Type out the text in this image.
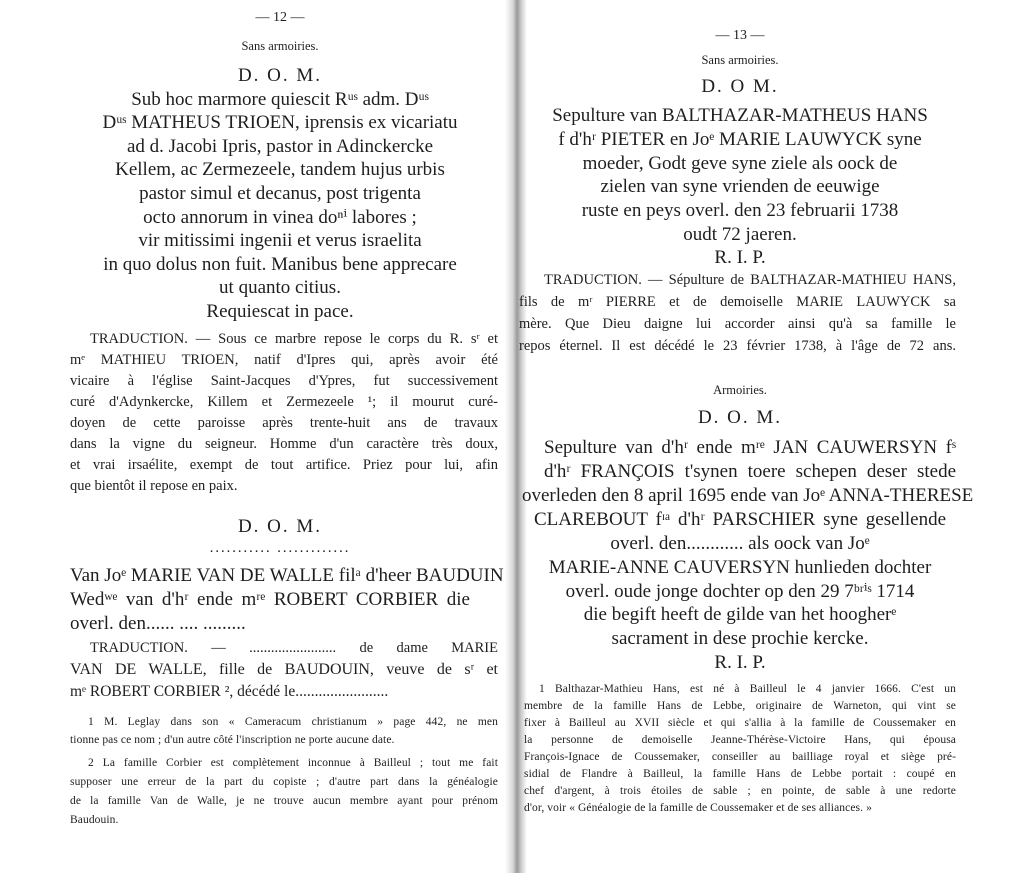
— 12 —
Sans armoiries.
D. O. M.
Sub hoc marmore quiescit Rᵘˢ adm. Dᵘˢ
Dᵘˢ MATHEUS TRIOEN, iprensis ex vicariatu
ad d. Jacobi Ipris, pastor in Adinckercke
Kellem, ac Zermezeele, tandem hujus urbis
pastor simul et decanus, post trigenta
octo annorum in vinea doⁿⁱ labores ;
vir mitissimi ingenii et verus israelita
in quo dolus non fuit. Manibus bene apprecare
ut quanto citius.
Requiescat in pace.
TRADUCTION. — Sous ce marbre repose le corps du R. sʳ et
mᵉ MATHIEU TRIOEN, natif d'Ipres qui, après avoir été
vicaire à l'église Saint-Jacques d'Ypres, fut successivement
curé d'Adynkercke, Killem et Zermezeele ¹; il mourut curé-
doyen de cette paroisse après trente-huit ans de travaux
dans la vigne du seigneur. Homme d'un caractère très doux,
et vrai irsaélite, exempt de tout artifice. Priez pour lui, afin
que bientôt il repose en paix.
D. O. M.
........... .............
Van Joᵉ MARIE VAN DE WALLE filᵃ d'heer BAUDUIN
Wedʷᵉ van d'hʳ ende mʳᵉ ROBERT CORBIER die
overl. den...... .... .........
TRADUCTION. — ........................ de dame MARIE
VAN DE WALLE, fille de BAUDOUIN, veuve de sʳ et
mᵉ ROBERT CORBIER ², décédé le........................
1 M. Leglay dans son « Cameracum christianum » page 442, ne men
tionne pas ce nom ; d'un autre côté l'inscription ne porte aucune date.
2 La famille Corbier est complètement inconnue à Bailleul ; tout me fait
supposer une erreur de la part du copiste ; d'autre part dans la généalogie
de la famille Van de Walle, je ne trouve aucun membre ayant pour prénom
Baudouin.
— 13 —
Sans armoiries.
D. O M.
Sepulture van BALTHAZAR-MATHEUS HANS
f d'hʳ PIETER en Joᵉ MARIE LAUWYCK syne
moeder, Godt geve syne ziele als oock de
zielen van syne vrienden de eeuwige
ruste en peys overl. den 23 februarii 1738
oudt 72 jaeren.
R. I. P.
TRADUCTION. — Sépulture de BALTHAZAR-MATHIEU HANS,
fils de mʳ PIERRE et de demoiselle MARIE LAUWYCK sa
mère. Que Dieu daigne lui accorder ainsi qu'à sa famille le
repos éternel. Il est décédé le 23 février 1738, à l'âge de 72 ans.
Armoiries.
D. O. M.
Sepulture van d'hʳ ende mʳᵉ JAN CAUWERSYN fˢ
d'hʳ FRANÇOIS t'synen toere schepen deser stede
overleden den 8 april 1695 ende van Joᵉ ANNA-THERESE
CLAREBOUT fᶦᵃ d'hʳ PARSCHIER syne gesellende
overl. den............ als oock van Joᵉ
MARIE-ANNE CAUVERSYN hunlieden dochter
overl. oude jonge dochter op den 29 7ᵇʳⁱˢ 1714
die begift heeft de gilde van het hoogherᵉ
sacrament in dese prochie kercke.
R. I. P.
1 Balthazar-Mathieu Hans, est né à Bailleul le 4 janvier 1666. C'est un
membre de la famille Hans de Lebbe, originaire de Warneton, qui vint se
fixer à Bailleul au XVII siècle et qui s'allia à la famille de Coussemaker en
la personne de demoiselle Jeanne-Thérèse-Victoire Hans, qui épousa
François-Ignace de Coussemaker, conseiller au bailliage royal et siège pré-
sidial de Flandre à Bailleul, la famille Hans de Lebbe portait : coupé en
chef d'argent, à trois étoiles de sable ; en pointe, de sable à une redorte
d'or, voir « Généalogie de la famille de Coussemaker et de ses alliances. »
